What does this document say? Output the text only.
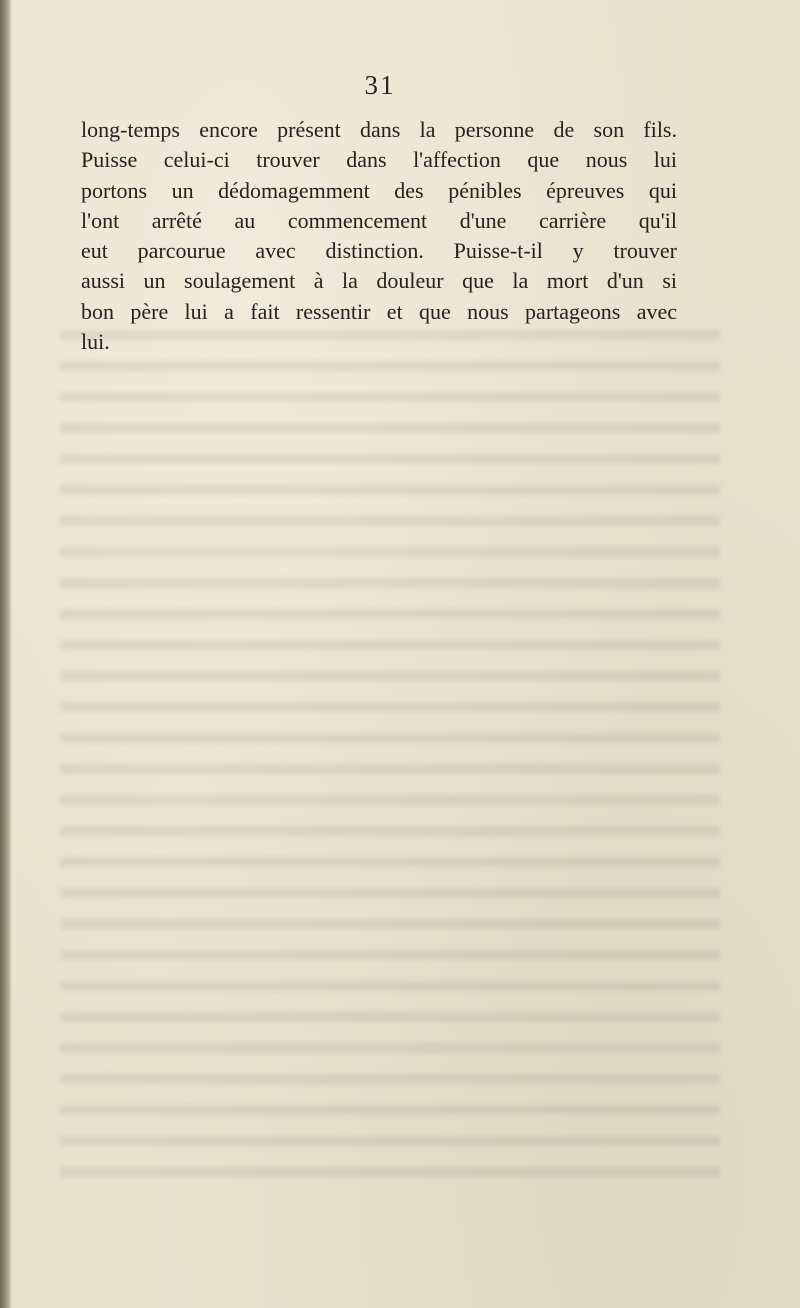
31

long-temps encore présent dans la personne de son fils.
Puisse celui-ci trouver dans l'affection que nous lui
portons un dédomagemment des pénibles épreuves qui
l'ont arrêté au commencement d'une carrière qu'il
eut parcourue avec distinction. Puisse-t-il y trouver
aussi un soulagement à la douleur que la mort d'un si
bon père lui a fait ressentir et que nous partageons avec
lui.
